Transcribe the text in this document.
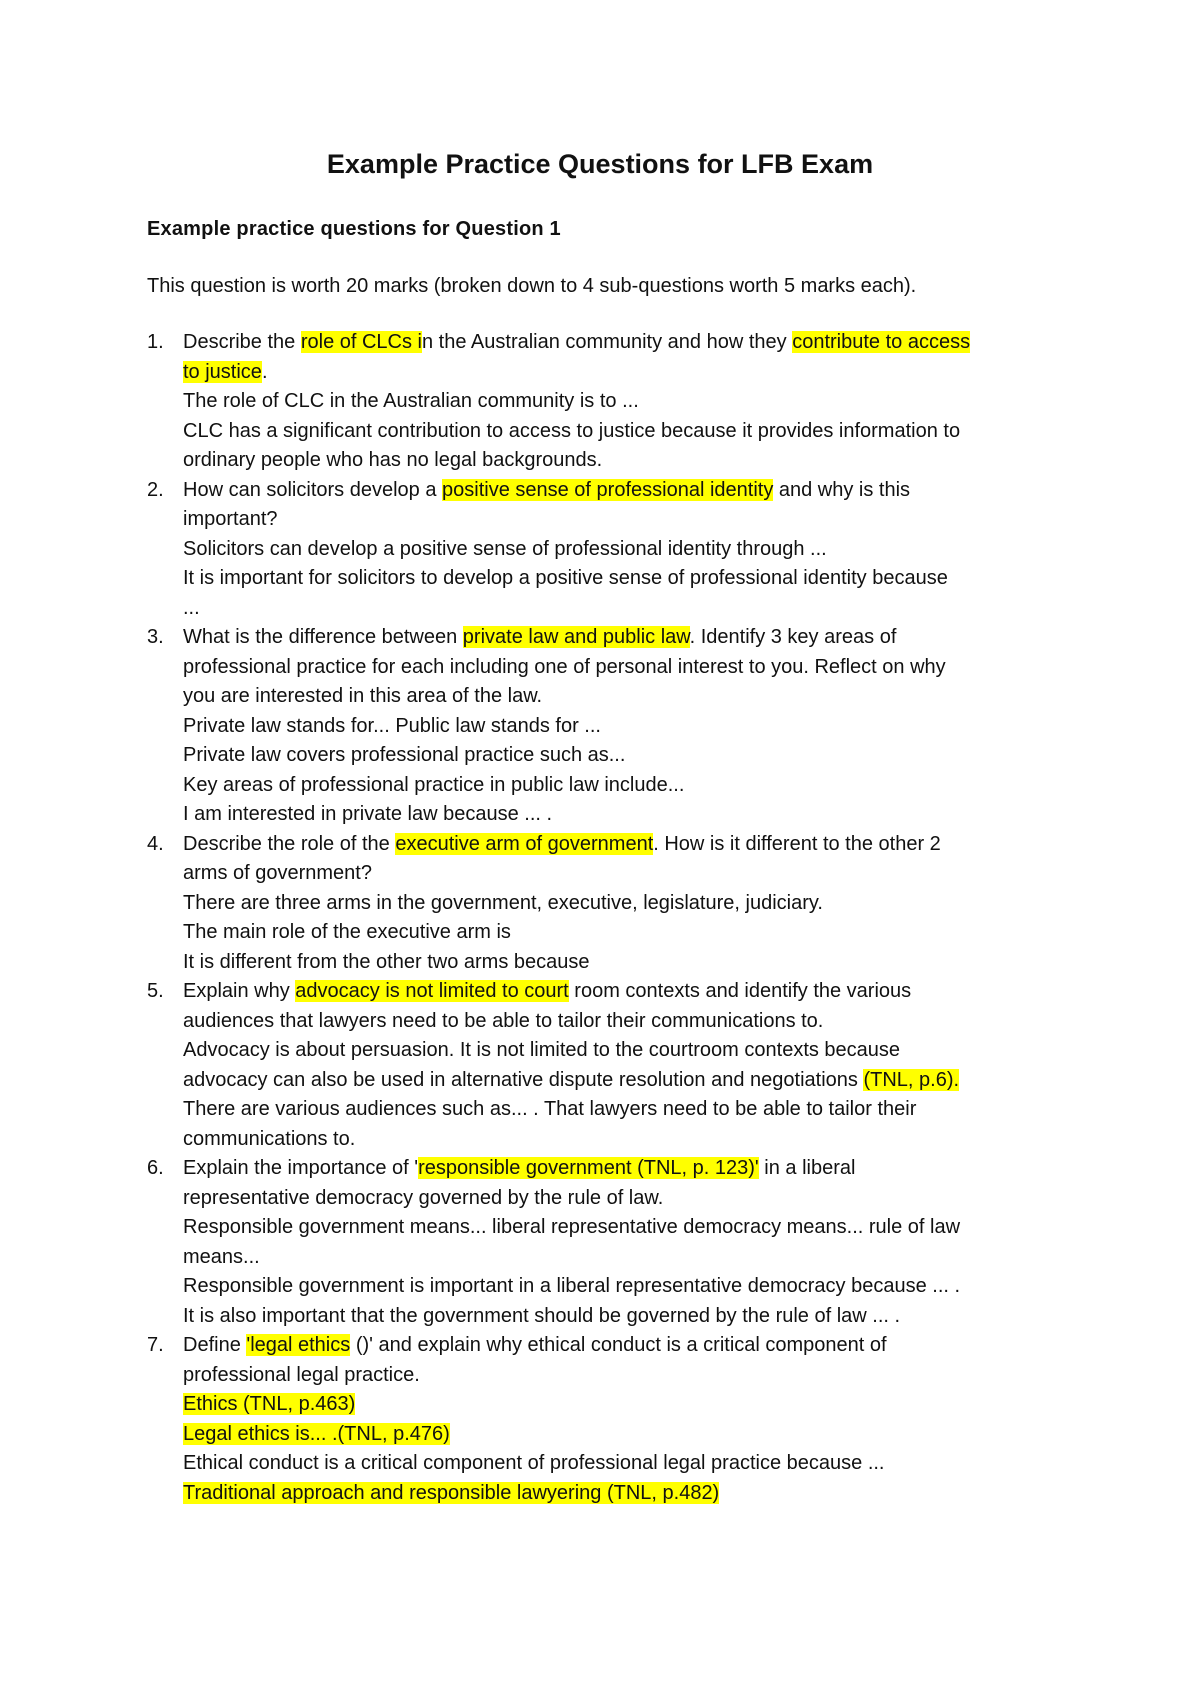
Example Practice Questions for LFB Exam
Example practice questions for Question 1

This question is worth 20 marks (broken down to 4 sub-questions worth 5 marks each).

1. Describe the role of CLCs in the Australian community and how they contribute to access
to justice.
The role of CLC in the Australian community is to ...
CLC has a significant contribution to access to justice because it provides information to
ordinary people who has no legal backgrounds.
2. How can solicitors develop a positive sense of professional identity and why is this
important?
Solicitors can develop a positive sense of professional identity through ...
It is important for solicitors to develop a positive sense of professional identity because
...
3. What is the difference between private law and public law. Identify 3 key areas of
professional practice for each including one of personal interest to you. Reflect on why
you are interested in this area of the law.
Private law stands for... Public law stands for ...
Private law covers professional practice such as...
Key areas of professional practice in public law include...
I am interested in private law because ... .
4. Describe the role of the executive arm of government. How is it different to the other 2
arms of government?
There are three arms in the government, executive, legislature, judiciary.
The main role of the executive arm is
It is different from the other two arms because
5. Explain why advocacy is not limited to court room contexts and identify the various
audiences that lawyers need to be able to tailor their communications to.
Advocacy is about persuasion. It is not limited to the courtroom contexts because
advocacy can also be used in alternative dispute resolution and negotiations (TNL, p.6).
There are various audiences such as... . That lawyers need to be able to tailor their
communications to.
6. Explain the importance of 'responsible government (TNL, p. 123)' in a liberal
representative democracy governed by the rule of law.
Responsible government means... liberal representative democracy means... rule of law
means...
Responsible government is important in a liberal representative democracy because ... .
It is also important that the government should be governed by the rule of law ... .
7. Define 'legal ethics ()' and explain why ethical conduct is a critical component of
professional legal practice.
Ethics (TNL, p.463)
Legal ethics is... .(TNL, p.476)
Ethical conduct is a critical component of professional legal practice because ...
Traditional approach and responsible lawyering (TNL, p.482)
